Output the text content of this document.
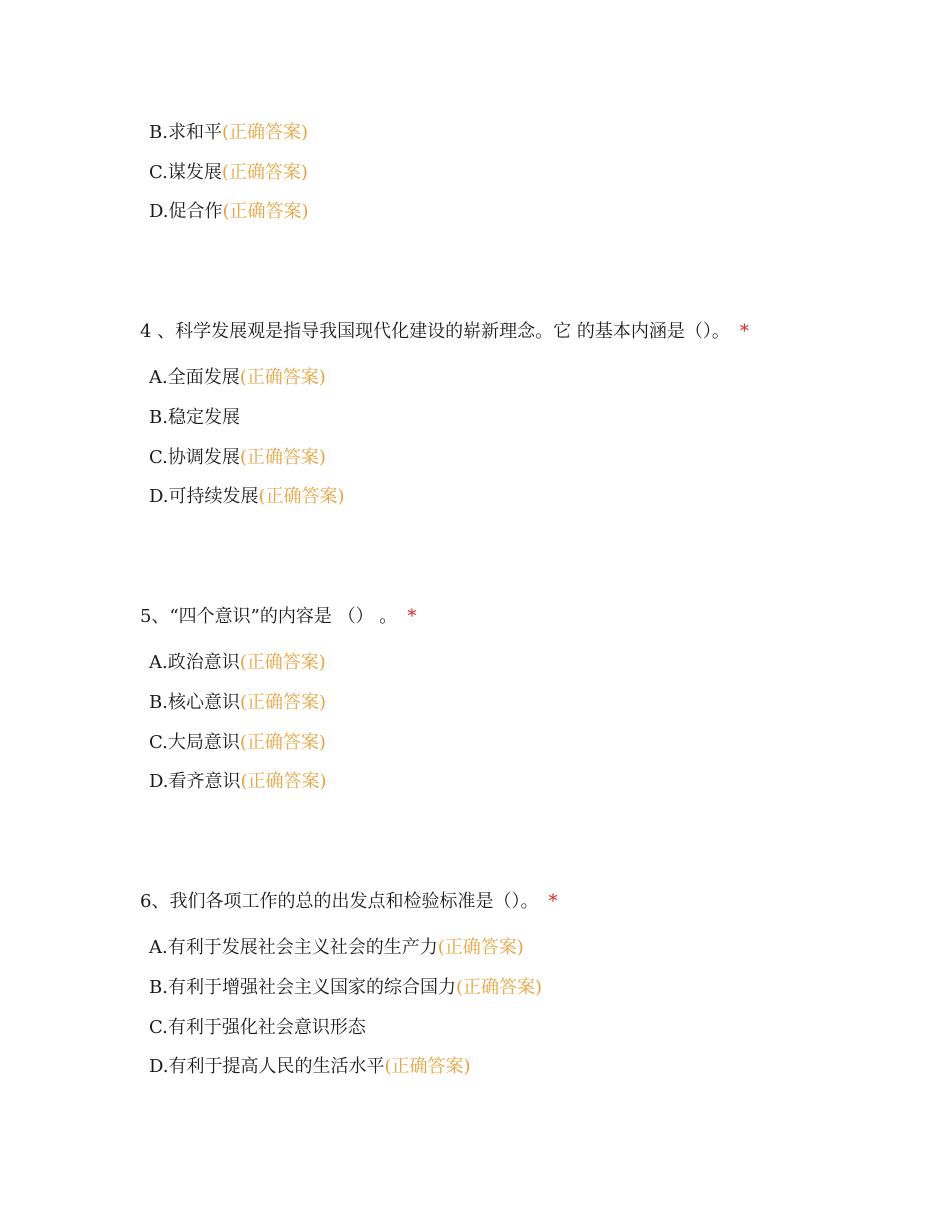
B.求和平(正确答案)
C.谋发展(正确答案)
D.促合作(正确答案)
4 、科学发展观是指导我国现代化建设的崭新理念。它 的基本内涵是（）。 *
A.全面发展(正确答案)
B.稳定发展
C.协调发展(正确答案)
D.可持续发展(正确答案)
5、“四个意识”的内容是 （） 。 *
A.政治意识(正确答案)
B.核心意识(正确答案)
C.大局意识(正确答案)
D.看齐意识(正确答案)
6、我们各项工作的总的出发点和检验标准是（）。 *
A.有利于发展社会主义社会的生产力(正确答案)
B.有利于增强社会主义国家的综合国力(正确答案)
C.有利于强化社会意识形态
D.有利于提高人民的生活水平(正确答案)
